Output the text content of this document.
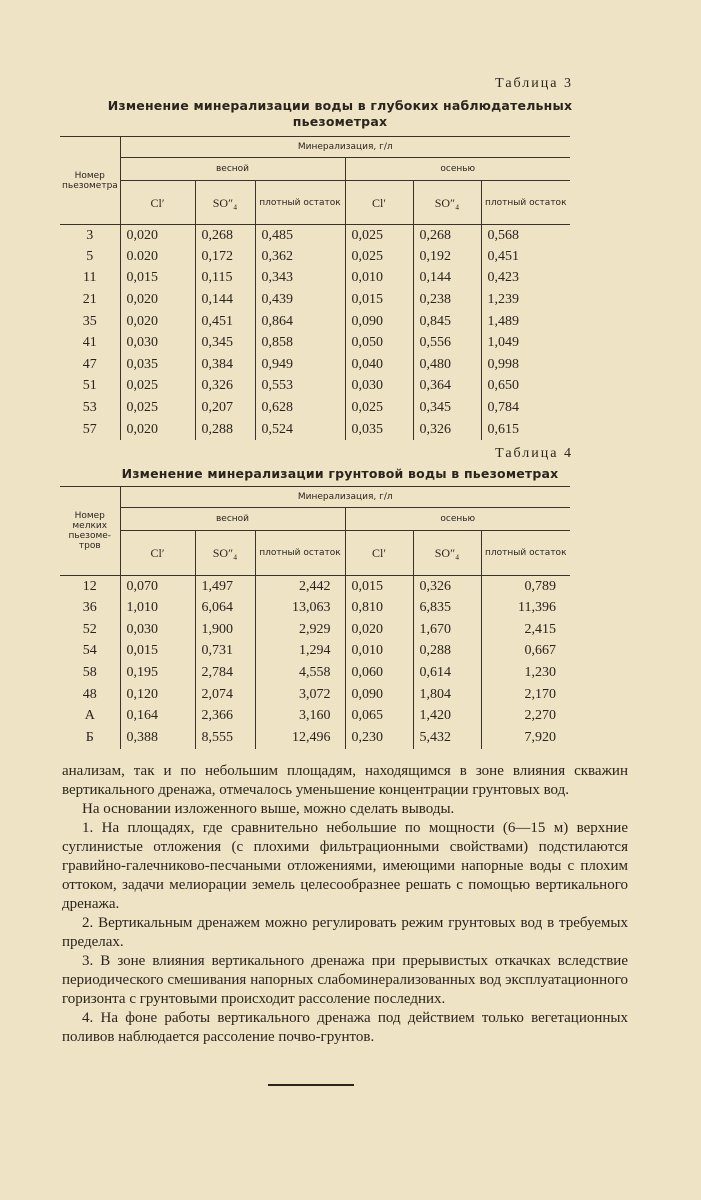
Таблица 3
Изменение минерализации воды в глубоких наблюдательных
пьезометрах
Номер пьезометра	Минерализация, г/л					
	весной			осенью		
	Cl′	SO″₄	плотный остаток	Cl′	SO″₄	плотный остаток
3	0,020	0,268	0,485	0,025	0,268	0,568
5	0.020	0,172	0,362	0,025	0,192	0,451
11	0,015	0,115	0,343	0,010	0,144	0,423
21	0,020	0,144	0,439	0,015	0,238	1,239
35	0,020	0,451	0,864	0,090	0,845	1,489
41	0,030	0,345	0,858	0,050	0,556	1,049
47	0,035	0,384	0,949	0,040	0,480	0,998
51	0,025	0,326	0,553	0,030	0,364	0,650
53	0,025	0,207	0,628	0,025	0,345	0,784
57	0,020	0,288	0,524	0,035	0,326	0,615
Таблица 4
Изменение минерализации грунтовой воды в пьезометрах
Номер мелких пьезоме-тров	Минерализация, г/л					
	весной			осенью		
	Cl′	SO″₄	плотный остаток	Cl′	SO″₄	плотный остаток
12	0,070	1,497	2,442	0,015	0,326	0,789
36	1,010	6,064	13,063	0,810	6,835	11,396
52	0,030	1,900	2,929	0,020	1,670	2,415
54	0,015	0,731	1,294	0,010	0,288	0,667
58	0,195	2,784	4,558	0,060	0,614	1,230
48	0,120	2,074	3,072	0,090	1,804	2,170
А	0,164	2,366	3,160	0,065	1,420	2,270
Б	0,388	8,555	12,496	0,230	5,432	7,920

анализам, так и по небольшим площадям, находящимся в зоне влияния скважин вертикального дренажа, отмечалось уменьшение концентрации грунтовых вод.

На основании изложенного выше, можно сделать выводы.

1. На площадях, где сравнительно небольшие по мощности (6—15 м) верхние суглинистые отложения (с плохими фильтрационными свойствами) подстилаются гравийно-галечниково-песчаными отложениями, имеющими напорные воды с плохим оттоком, задачи мелиорации земель целесообразнее решать с помощью вертикального дренажа.

2. Вертикальным дренажем можно регулировать режим грунтовых вод в требуемых пределах.

3. В зоне влияния вертикального дренажа при прерывистых откачках вследствие периодического смешивания напорных слабоминерализованных вод эксплуатационного горизонта с грунтовыми происходит рассоление последних.

4. На фоне работы вертикального дренажа под действием только вегетационных поливов наблюдается рассоление почво-грунтов.
